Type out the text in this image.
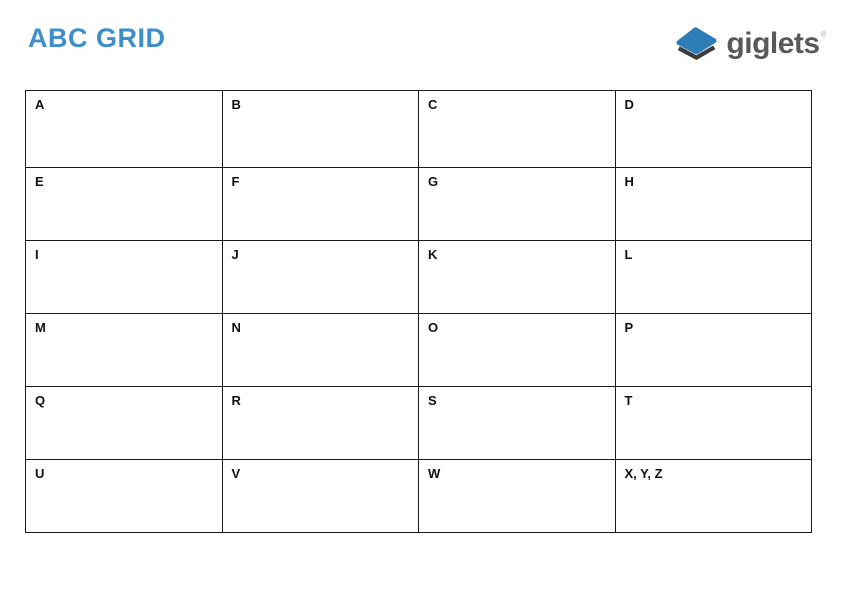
ABC GRID	giglets®
A	B	C	D
E	F	G	H
I	J	K	L
M	N	O	P
Q	R	S	T
U	V	W	X, Y, Z
